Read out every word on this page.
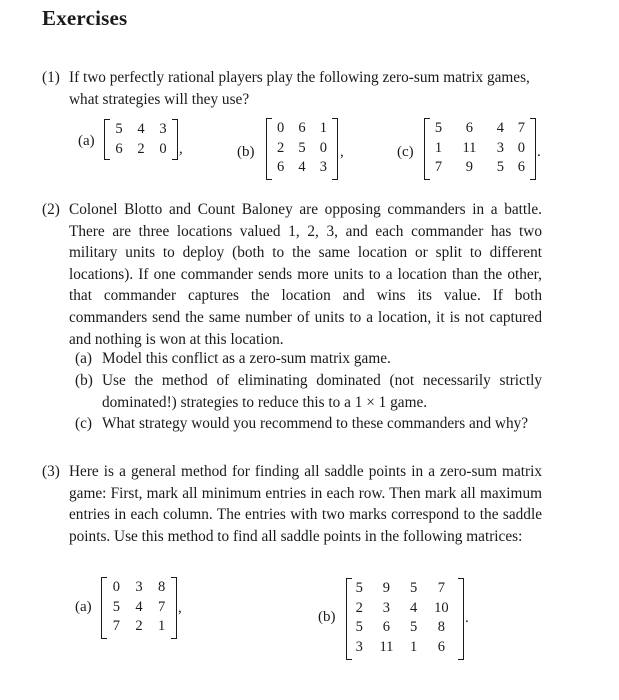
Exercises
(1) If two perfectly rational players play the following zero-sum matrix games, what strategies will they use?
(a)
5	4	3
6	2	0 ,	(b)
0	6	1
2	5	0
6	4	3
,	(c)
5	6	4	7
1	11	3	0
7	9	5	6
.
(2) Colonel Blotto and Count Baloney are opposing commanders in a battle. There are three locations valued 1, 2, 3, and each commander has two military units to deploy (both to the same location or split to different locations). If one commander sends more units to a location than the other, that commander captures the location and wins its value. If both commanders send the same number of units to a location, it is not captured and nothing is won at this location.
(a) Model this conflict as a zero-sum matrix game.
(b) Use the method of eliminating dominated (not necessarily strictly dominated!) strategies to reduce this to a 1 × 1 game.
(c) What strategy would you recommend to these commanders and why?
(3) Here is a general method for finding all saddle points in a zero-sum matrix game: First, mark all minimum entries in each row. Then mark all maximum entries in each column. The entries with two marks correspond to the saddle points. Use this method to find all saddle points in the following matrices:
(a)
0	3	8
5	4	7
7	2	1
,
(b)
5	9	5	7
2	3	4	10
5	6	5	8
3	11	1	6
.
